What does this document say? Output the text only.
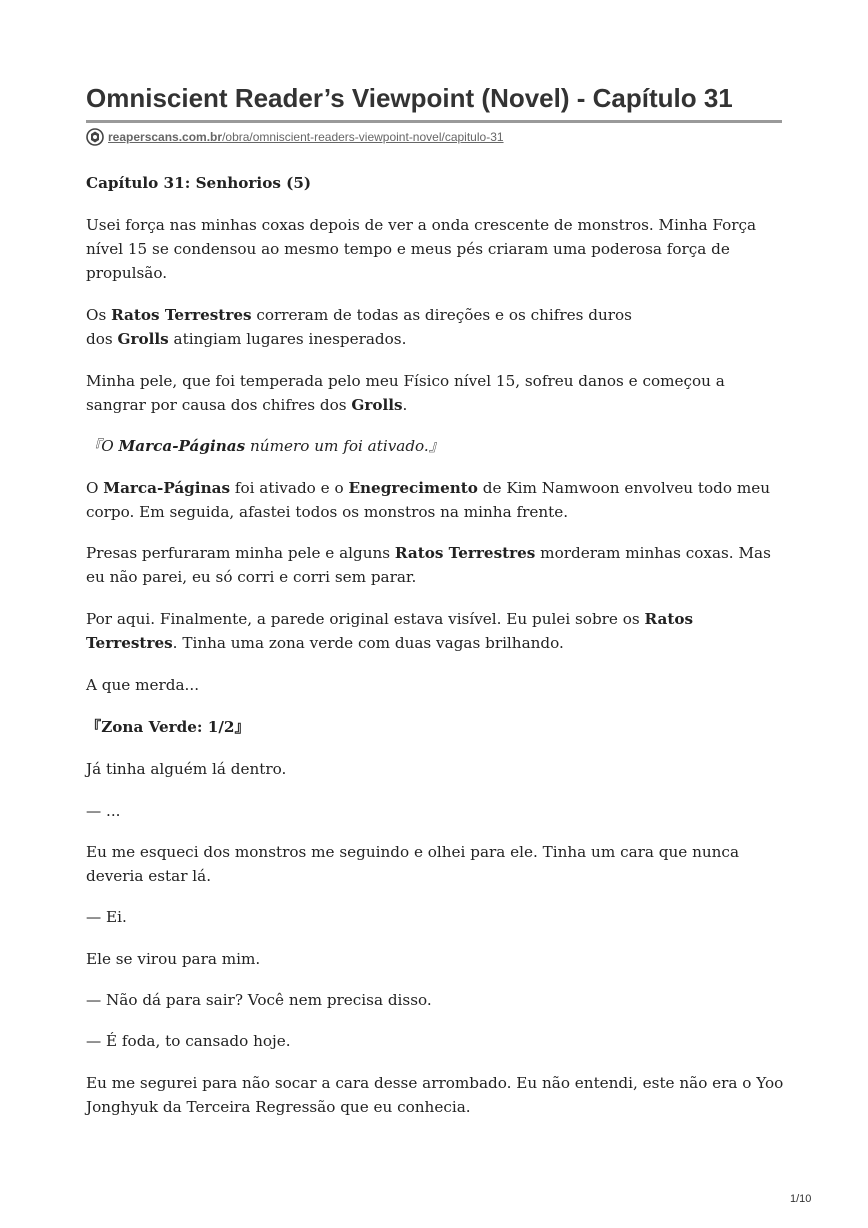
Omniscient Reader’s Viewpoint (Novel) - Capítulo 31
reaperscans.com.br/obra/omniscient-readers-viewpoint-novel/capitulo-31

Capítulo 31: Senhorios (5)

Usei força nas minhas coxas depois de ver a onda crescente de monstros. Minha Força nível 15 se condensou ao mesmo tempo e meus pés criaram uma poderosa força de propulsão.

Os Ratos Terrestres correram de todas as direções e os chifres duros
dos Grolls atingiam lugares inesperados.

Minha pele, que foi temperada pelo meu Físico nível 15, sofreu danos e começou a sangrar por causa dos chifres dos Grolls.

『O Marca-Páginas número um foi ativado.』

O Marca-Páginas foi ativado e o Enegrecimento de Kim Namwoon envolveu todo meu corpo. Em seguida, afastei todos os monstros na minha frente.

Presas perfuraram minha pele e alguns Ratos Terrestres morderam minhas coxas. Mas eu não parei, eu só corri e corri sem parar.

Por aqui. Finalmente, a parede original estava visível. Eu pulei sobre os Ratos Terrestres. Tinha uma zona verde com duas vagas brilhando.

A que merda...

『Zona Verde: 1/2』

Já tinha alguém lá dentro.

— ...

Eu me esqueci dos monstros me seguindo e olhei para ele. Tinha um cara que nunca deveria estar lá.

— Ei.

Ele se virou para mim.

— Não dá para sair? Você nem precisa disso.

— É foda, to cansado hoje.

Eu me segurei para não socar a cara desse arrombado. Eu não entendi, este não era o Yoo Jonghyuk da Terceira Regressão que eu conhecia.

1/10
